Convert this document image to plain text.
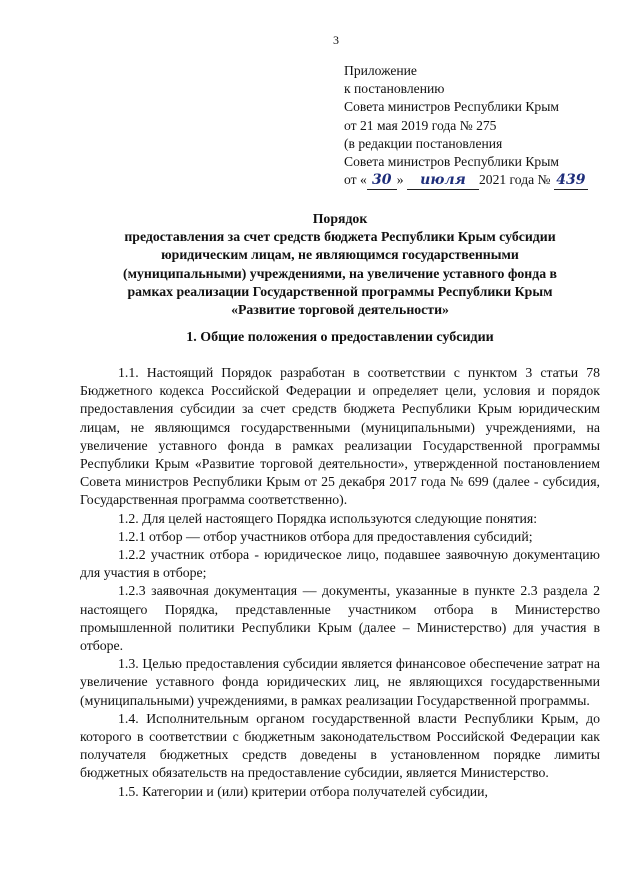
3
Приложение
к постановлению
Совета министров Республики Крым
от 21 мая 2019 года № 275
(в редакции постановления
Совета министров Республики Крым
от « 30 » июля 2021 года № 439
Порядок
предоставления за счет средств бюджета Республики Крым субсидии
юридическим лицам, не являющимся государственными
(муниципальными) учреждениями, на увеличение уставного фонда в
рамках реализации Государственной программы Республики Крым
«Развитие торговой деятельности»
1. Общие положения о предоставлении субсидии

1.1. Настоящий Порядок разработан в соответствии с пунктом 3 статьи 78 Бюджетного кодекса Российской Федерации и определяет цели, условия и порядок предоставления субсидии за счет средств бюджета Республики Крым юридическим лицам, не являющимся государственными (муниципальными) учреждениями, на увеличение уставного фонда в рамках реализации Государственной программы Республики Крым «Развитие торговой деятельности», утвержденной постановлением Совета министров Республики Крым от 25 декабря 2017 года № 699 (далее - субсидия, Государственная программа соответственно).

1.2. Для целей настоящего Порядка используются следующие понятия:

1.2.1 отбор — отбор участников отбора для предоставления субсидий;

1.2.2 участник отбора - юридическое лицо, подавшее заявочную документацию для участия в отборе;

1.2.3 заявочная документация — документы, указанные в пункте 2.3 раздела 2 настоящего Порядка, представленные участником отбора в Министерство промышленной политики Республики Крым (далее – Министерство) для участия в отборе.

1.3. Целью предоставления субсидии является финансовое обеспечение затрат на увеличение уставного фонда юридических лиц, не являющихся государственными (муниципальными) учреждениями, в рамках реализации Государственной программы.

1.4. Исполнительным органом государственной власти Республики Крым, до которого в соответствии с бюджетным законодательством Российской Федерации как получателя бюджетных средств доведены в установленном порядке лимиты бюджетных обязательств на предоставление субсидии, является Министерство.

1.5. Категории и (или) критерии отбора получателей субсидии,
